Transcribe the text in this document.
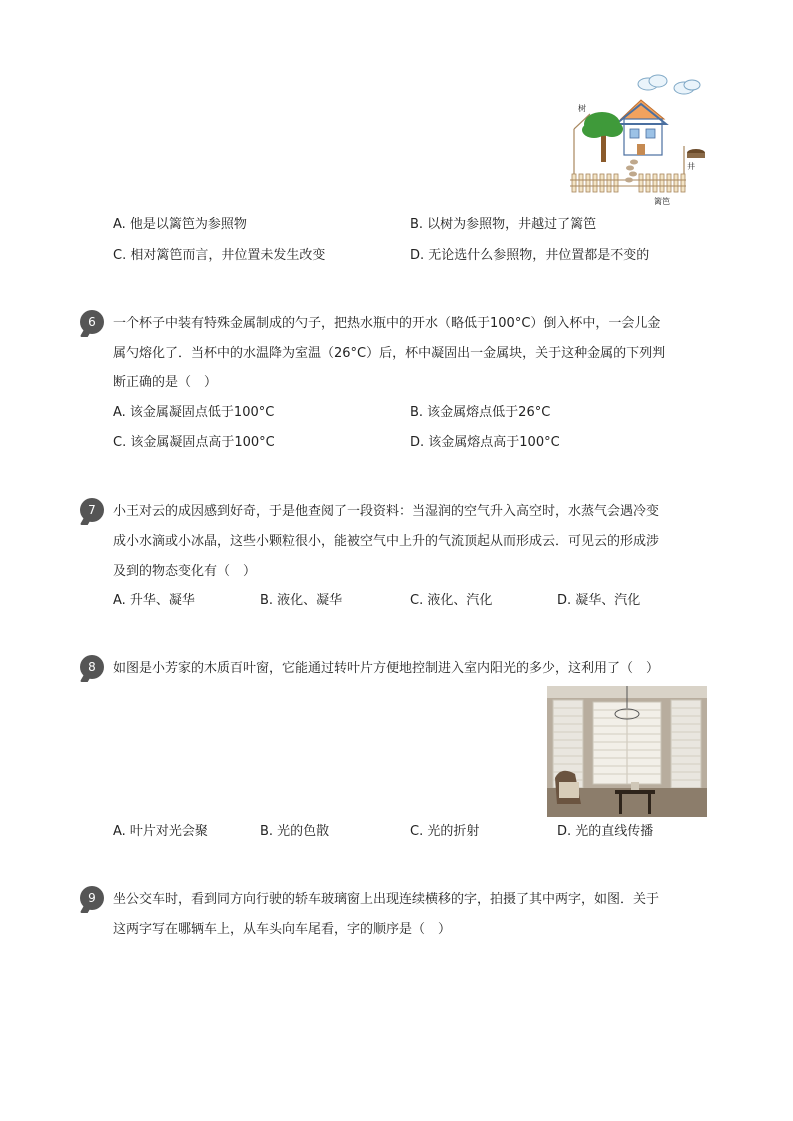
树
井
篱笆
A. 他是以篱笆为参照物	B. 以树为参照物，井越过了篱笆
C. 相对篱笆而言，井位置未发生改变	D. 无论选什么参照物，井位置都是不变的
6	一个杯子中装有特殊金属制成的勺子，把热水瓶中的开水（略低于100°C）倒入杯中，一会儿金
属勺熔化了．当杯中的水温降为室温（26°C）后，杯中凝固出一金属块，关于这种金属的下列判
断正确的是（　）
A. 该金属凝固点低于100°C	B. 该金属熔点低于26°C
C. 该金属凝固点高于100°C	D. 该金属熔点高于100°C
7	小王对云的成因感到好奇，于是他查阅了一段资料：当湿润的空气升入高空时，水蒸气会遇冷变
成小水滴或小冰晶，这些小颗粒很小，能被空气中上升的气流顶起从而形成云．可见云的形成涉
及到的物态变化有（　）
A. 升华、凝华	B. 液化、凝华	C. 液化、汽化	D. 凝华、汽化
8	如图是小芳家的木质百叶窗，它能通过转叶片方便地控制进入室内阳光的多少，这利用了（　）
A. 叶片对光会聚	B. 光的色散	C. 光的折射	D. 光的直线传播
9	坐公交车时，看到同方向行驶的轿车玻璃窗上出现连续横移的字，拍摄了其中两字，如图．关于
这两字写在哪辆车上，从车头向车尾看，字的顺序是（　）
